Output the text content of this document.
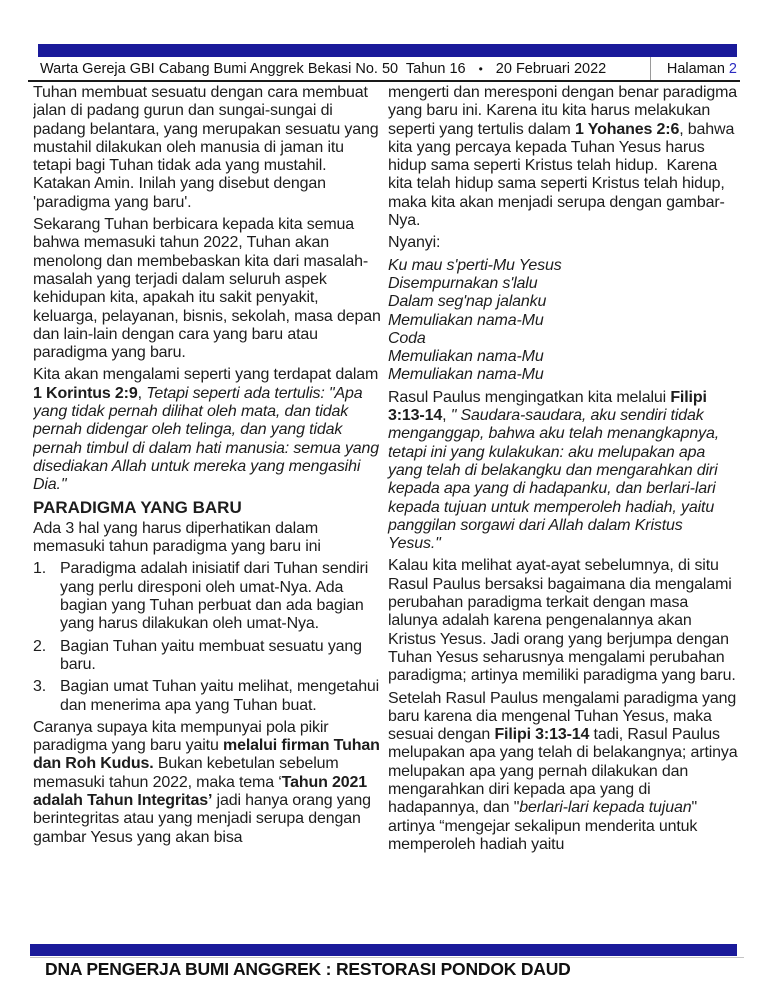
Warta Gereja GBI Cabang Bumi Anggrek Bekasi No. 50  Tahun 16 • 20 Februari 2022	Halaman 2
Tuhan membuat sesuatu dengan cara membuat jalan di padang gurun dan sungai-sungai di padang belantara, yang merupakan sesuatu yang mustahil dilakukan oleh manusia di jaman itu tetapi bagi Tuhan tidak ada yang mustahil. Katakan Amin. Inilah yang disebut dengan 'paradigma yang baru'.
Sekarang Tuhan berbicara kepada kita semua bahwa memasuki tahun 2022, Tuhan akan menolong dan membebaskan kita dari masalah-masalah yang terjadi dalam seluruh aspek kehidupan kita, apakah itu sakit penyakit, keluarga, pelayanan, bisnis, sekolah, masa depan dan lain-lain dengan cara yang baru atau paradigma yang baru.
Kita akan mengalami seperti yang terdapat dalam 1 Korintus 2:9, Tetapi seperti ada tertulis: "Apa yang tidak pernah dilihat oleh mata, dan tidak pernah didengar oleh telinga, dan yang tidak pernah timbul di dalam hati manusia: semua yang disediakan Allah untuk mereka yang mengasihi Dia."
PARADIGMA YANG BARU
Ada 3 hal yang harus diperhatikan dalam memasuki tahun paradigma yang baru ini
1. Paradigma adalah inisiatif dari Tuhan sendiri yang perlu diresponi oleh umat-Nya. Ada bagian yang Tuhan perbuat dan ada bagian yang harus dilakukan oleh umat-Nya.
2. Bagian Tuhan yaitu membuat sesuatu yang baru.
3. Bagian umat Tuhan yaitu melihat, mengetahui dan menerima apa yang Tuhan buat.
Caranya supaya kita mempunyai pola pikir paradigma yang baru yaitu melalui firman Tuhan dan Roh Kudus. Bukan kebetulan sebelum memasuki tahun 2022, maka tema ‘Tahun 2021 adalah Tahun Integritas’ jadi hanya orang yang berintegritas atau yang menjadi serupa dengan gambar Yesus yang akan bisa
mengerti dan meresponi dengan benar paradigma yang baru ini. Karena itu kita harus melakukan seperti yang tertulis dalam 1 Yohanes 2:6, bahwa kita yang percaya kepada Tuhan Yesus harus hidup sama seperti Kristus telah hidup.  Karena kita telah hidup sama seperti Kristus telah hidup, maka kita akan menjadi serupa dengan gambar-Nya.
Nyanyi:
Ku mau s'perti-Mu Yesus
Disempurnakan s'lalu
Dalam seg'nap jalanku
Memuliakan nama-Mu
Coda
Memuliakan nama-Mu
Memuliakan nama-Mu
Rasul Paulus mengingatkan kita melalui Filipi 3:13-14, " Saudara-saudara, aku sendiri tidak menganggap, bahwa aku telah menangkapnya, tetapi ini yang kulakukan: aku melupakan apa yang telah di belakangku dan mengarahkan diri kepada apa yang di hadapanku, dan berlari-lari kepada tujuan untuk memperoleh hadiah, yaitu panggilan sorgawi dari Allah dalam Kristus Yesus."
Kalau kita melihat ayat-ayat sebelumnya, di situ Rasul Paulus bersaksi bagaimana dia mengalami perubahan paradigma terkait dengan masa lalunya adalah karena pengenalannya akan Kristus Yesus. Jadi orang yang berjumpa dengan Tuhan Yesus seharusnya mengalami perubahan paradigma; artinya memiliki paradigma yang baru.
Setelah Rasul Paulus mengalami paradigma yang baru karena dia mengenal Tuhan Yesus, maka sesuai dengan Filipi 3:13-14 tadi, Rasul Paulus melupakan apa yang telah di belakangnya; artinya melupakan apa yang pernah dilakukan dan mengarahkan diri kepada apa yang di hadapannya, dan "berlari-lari kepada tujuan" artinya “mengejar sekalipun menderita untuk memperoleh hadiah yaitu
DNA PENGERJA BUMI ANGGREK : RESTORASI PONDOK DAUD
